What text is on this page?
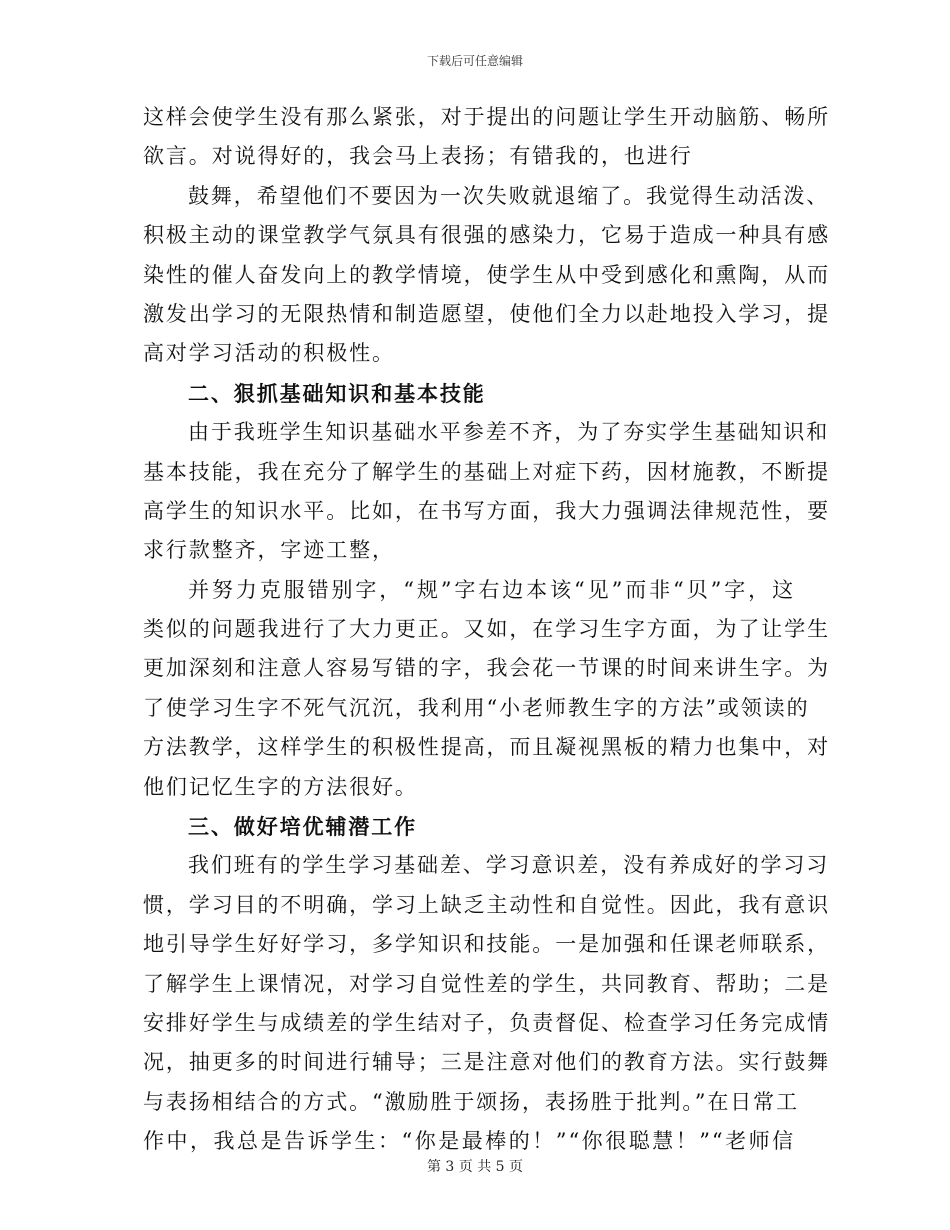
下载后可任意编辑
这样会使学生没有那么紧张，对于提出的问题让学生开动脑筋、畅所
欲言。对说得好的，我会马上表扬；有错我的，也进行
鼓舞，希望他们不要因为一次失败就退缩了。我觉得生动活泼、
积极主动的课堂教学气氛具有很强的感染力，它易于造成一种具有感
染性的催人奋发向上的教学情境，使学生从中受到感化和熏陶，从而
激发出学习的无限热情和制造愿望，使他们全力以赴地投入学习，提
高对学习活动的积极性。
二、狠抓基础知识和基本技能
由于我班学生知识基础水平参差不齐，为了夯实学生基础知识和
基本技能，我在充分了解学生的基础上对症下药，因材施教，不断提
高学生的知识水平。比如，在书写方面，我大力强调法律规范性，要
求行款整齐，字迹工整，
并努力克服错别字，“规”字右边本该“见”而非“贝”字，这
类似的问题我进行了大力更正。又如，在学习生字方面，为了让学生
更加深刻和注意人容易写错的字，我会花一节课的时间来讲生字。为
了使学习生字不死气沉沉，我利用“小老师教生字的方法”或领读的
方法教学，这样学生的积极性提高，而且凝视黑板的精力也集中，对
他们记忆生字的方法很好。
三、做好培优辅潜工作
我们班有的学生学习基础差、学习意识差，没有养成好的学习习
惯，学习目的不明确，学习上缺乏主动性和自觉性。因此，我有意识
地引导学生好好学习，多学知识和技能。一是加强和任课老师联系，
了解学生上课情况，对学习自觉性差的学生，共同教育、帮助；二是
安排好学生与成绩差的学生结对子，负责督促、检查学习任务完成情
况，抽更多的时间进行辅导；三是注意对他们的教育方法。实行鼓舞
与表扬相结合的方式。“激励胜于颂扬，表扬胜于批判。”在日常工
作中，我总是告诉学生：“你是最棒的！”“你很聪慧！”“老师信
第 3 页 共 5 页
